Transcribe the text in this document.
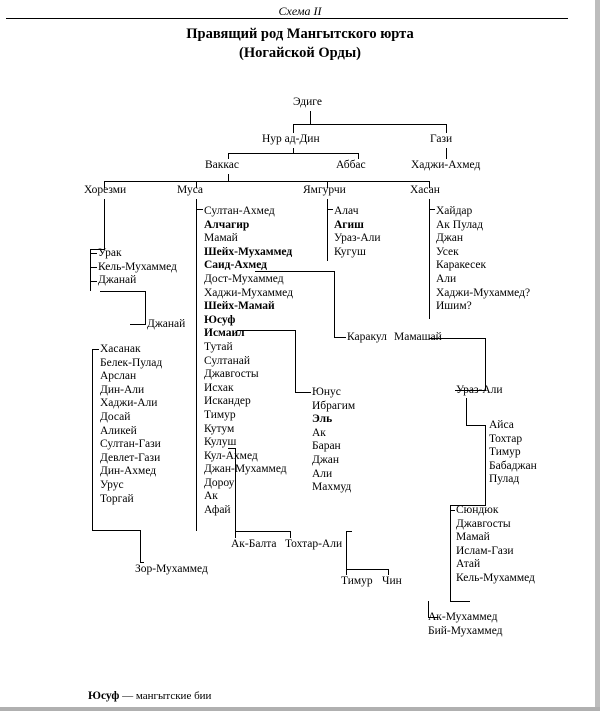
Схема II
Правящий род Мангытского юрта
(Ногайской Орды)
Эдиге
Нур ад-Дин	Гази
Ваккас	Аббас	Хаджи-Ахмед
Хорезми	Муса	Ямгурчи	Хасан
Урак
Кель-Мухаммед
Джанай
Джанай
Хасанак
Белек-Пулад
Арслан
Дин-Али
Хаджи-Али
Досай
Аликей
Султан-Гази
Девлет-Гази
Дин-Ахмед
Урус
Торгай
Зор-Мухаммед
Султан-Ахмед
Алчагир
Мамай
Шейх-Мухаммед
Саид-Ахмед
Дост-Мухаммед
Хаджи-Мухаммед
Шейх-Мамай
Юсуф
Исмаил
Тутай
Султанай
Джавгосты
Исхак
Искандер
Тимур
Кутум
Кулуш
Кул-Ахмед
Джан-Мухаммед
Дороу
Ак
Афай
Ак-Балта Тохтар-Али
Алач
Агиш
Ураз-Али
Кугуш
Каракул Мамашай
Хайдар
Ак Пулад
Джан
Усек
Каракесек
Али
Хаджи-Мухаммед?
Ишим?
Юнус
Ибрагим
Эль
Ак
Баран
Джан
Али
Махмуд
Тимур Чин
Ураз-Али
Айса
Тохтар
Тимур
Бабаджан
Пулад
Сюндюк
Джавгосты
Мамай
Ислам-Гази
Атай
Кель-Мухаммед
Ак-Мухаммед
Бий-Мухаммед
Юсуф — мангытские бии
